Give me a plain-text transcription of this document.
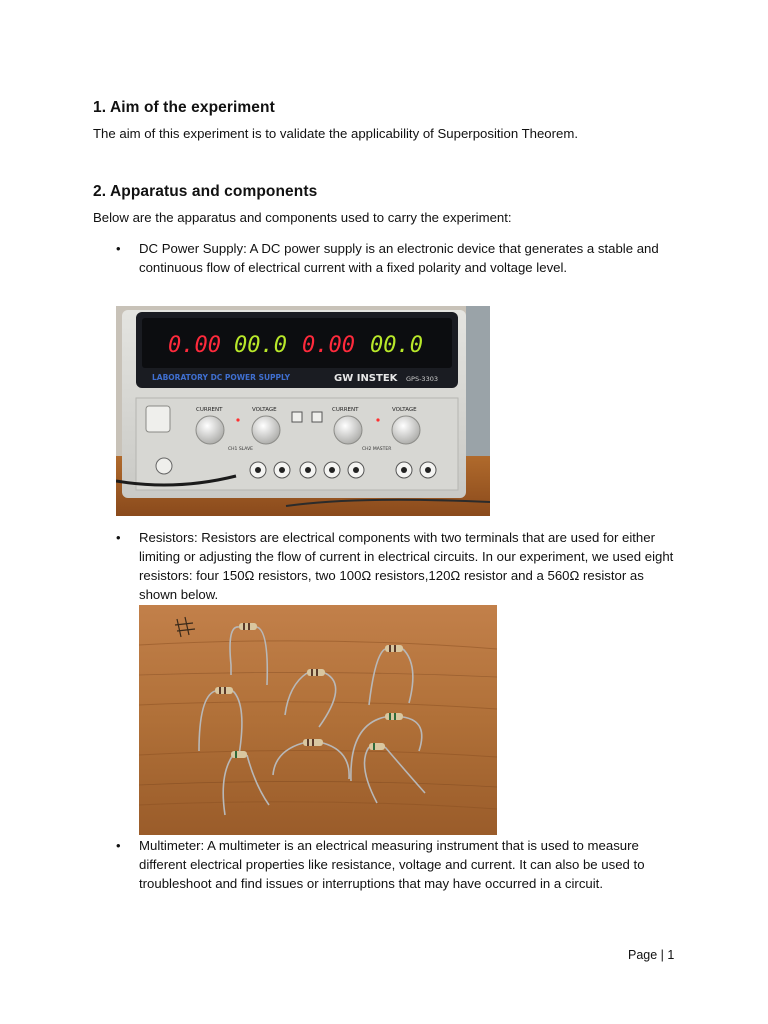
1. Aim of the experiment

The aim of this experiment is to validate the applicability of Superposition Theorem.

2. Apparatus and components

Below are the apparatus and components used to carry the experiment:

• DC Power Supply: A DC power supply is an electronic device that generates a stable and continuous flow of electrical current with a fixed polarity and voltage level.
0.00 00.0 0.00 00.0
LABORATORY DC POWER SUPPLY	GW INSTEK GPS-3303
CURRENT	VOLTAGE	CURRENT	VOLTAGE
CH1 SLAVE	CH2 MASTER
• Resistors: Resistors are electrical components with two terminals that are used for either limiting or adjusting the flow of current in electrical circuits. In our experiment, we used eight resistors: four 150Ω resistors, two 100Ω resistors,120Ω resistor and a 560Ω resistor as shown below.
• Multimeter: A multimeter is an electrical measuring instrument that is used to measure different electrical properties like resistance, voltage and current. It can also be used to troubleshoot and find issues or interruptions that may have occurred in a circuit.
Page | 1
